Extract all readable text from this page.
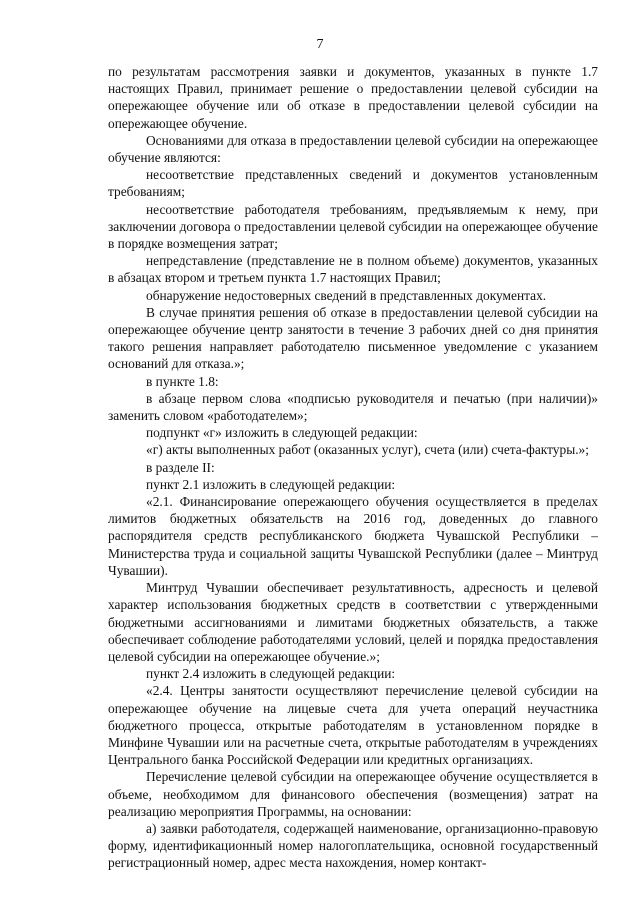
7

по результатам рассмотрения заявки и документов, указанных в пункте 1.7 настоящих Правил, принимает решение о предоставлении целевой субсидии на опережающее обучение или об отказе в предоставлении целевой субсидии на опережающее обучение.

Основаниями для отказа в предоставлении целевой субсидии на опережающее обучение являются:

несоответствие представленных сведений и документов установленным требованиям;

несоответствие работодателя требованиям, предъявляемым к нему, при заключении договора о предоставлении целевой субсидии на опережающее обучение в порядке возмещения затрат;

непредставление (представление не в полном объеме) документов, указанных в абзацах втором и третьем пункта 1.7 настоящих Правил;

обнаружение недостоверных сведений в представленных документах.

В случае принятия решения об отказе в предоставлении целевой субсидии на опережающее обучение центр занятости в течение 3 рабочих дней со дня принятия такого решения направляет работодателю письменное уведомление с указанием оснований для отказа.»;

в пункте 1.8:

в абзаце первом слова «подписью руководителя и печатью (при наличии)» заменить словом «работодателем»;

подпункт «г» изложить в следующей редакции:

«г) акты выполненных работ (оказанных услуг), счета (или) счета-фактуры.»;

в разделе II:

пункт 2.1 изложить в следующей редакции:

«2.1. Финансирование опережающего обучения осуществляется в пределах лимитов бюджетных обязательств на 2016 год, доведенных до главного распорядителя средств республиканского бюджета Чувашской Республики – Министерства труда и социальной защиты Чувашской Республики (далее – Минтруд Чувашии).

Минтруд Чувашии обеспечивает результативность, адресность и целевой характер использования бюджетных средств в соответствии с утвержденными бюджетными ассигнованиями и лимитами бюджетных обязательств, а также обеспечивает соблюдение работодателями условий, целей и порядка предоставления целевой субсидии на опережающее обучение.»;

пункт 2.4 изложить в следующей редакции:

«2.4. Центры занятости осуществляют перечисление целевой субсидии на опережающее обучение на лицевые счета для учета операций неучастника бюджетного процесса, открытые работодателям в установленном порядке в Минфине Чувашии или на расчетные счета, открытые работодателям в учреждениях Центрального банка Российской Федерации или кредитных организациях.

Перечисление целевой субсидии на опережающее обучение осуществляется в объеме, необходимом для финансового обеспечения (возмещения) затрат на реализацию мероприятия Программы, на основании:

а) заявки работодателя, содержащей наименование, организационно-правовую форму, идентификационный номер налогоплательщика, основной государственный регистрационный номер, адрес места нахождения, номер контакт-
